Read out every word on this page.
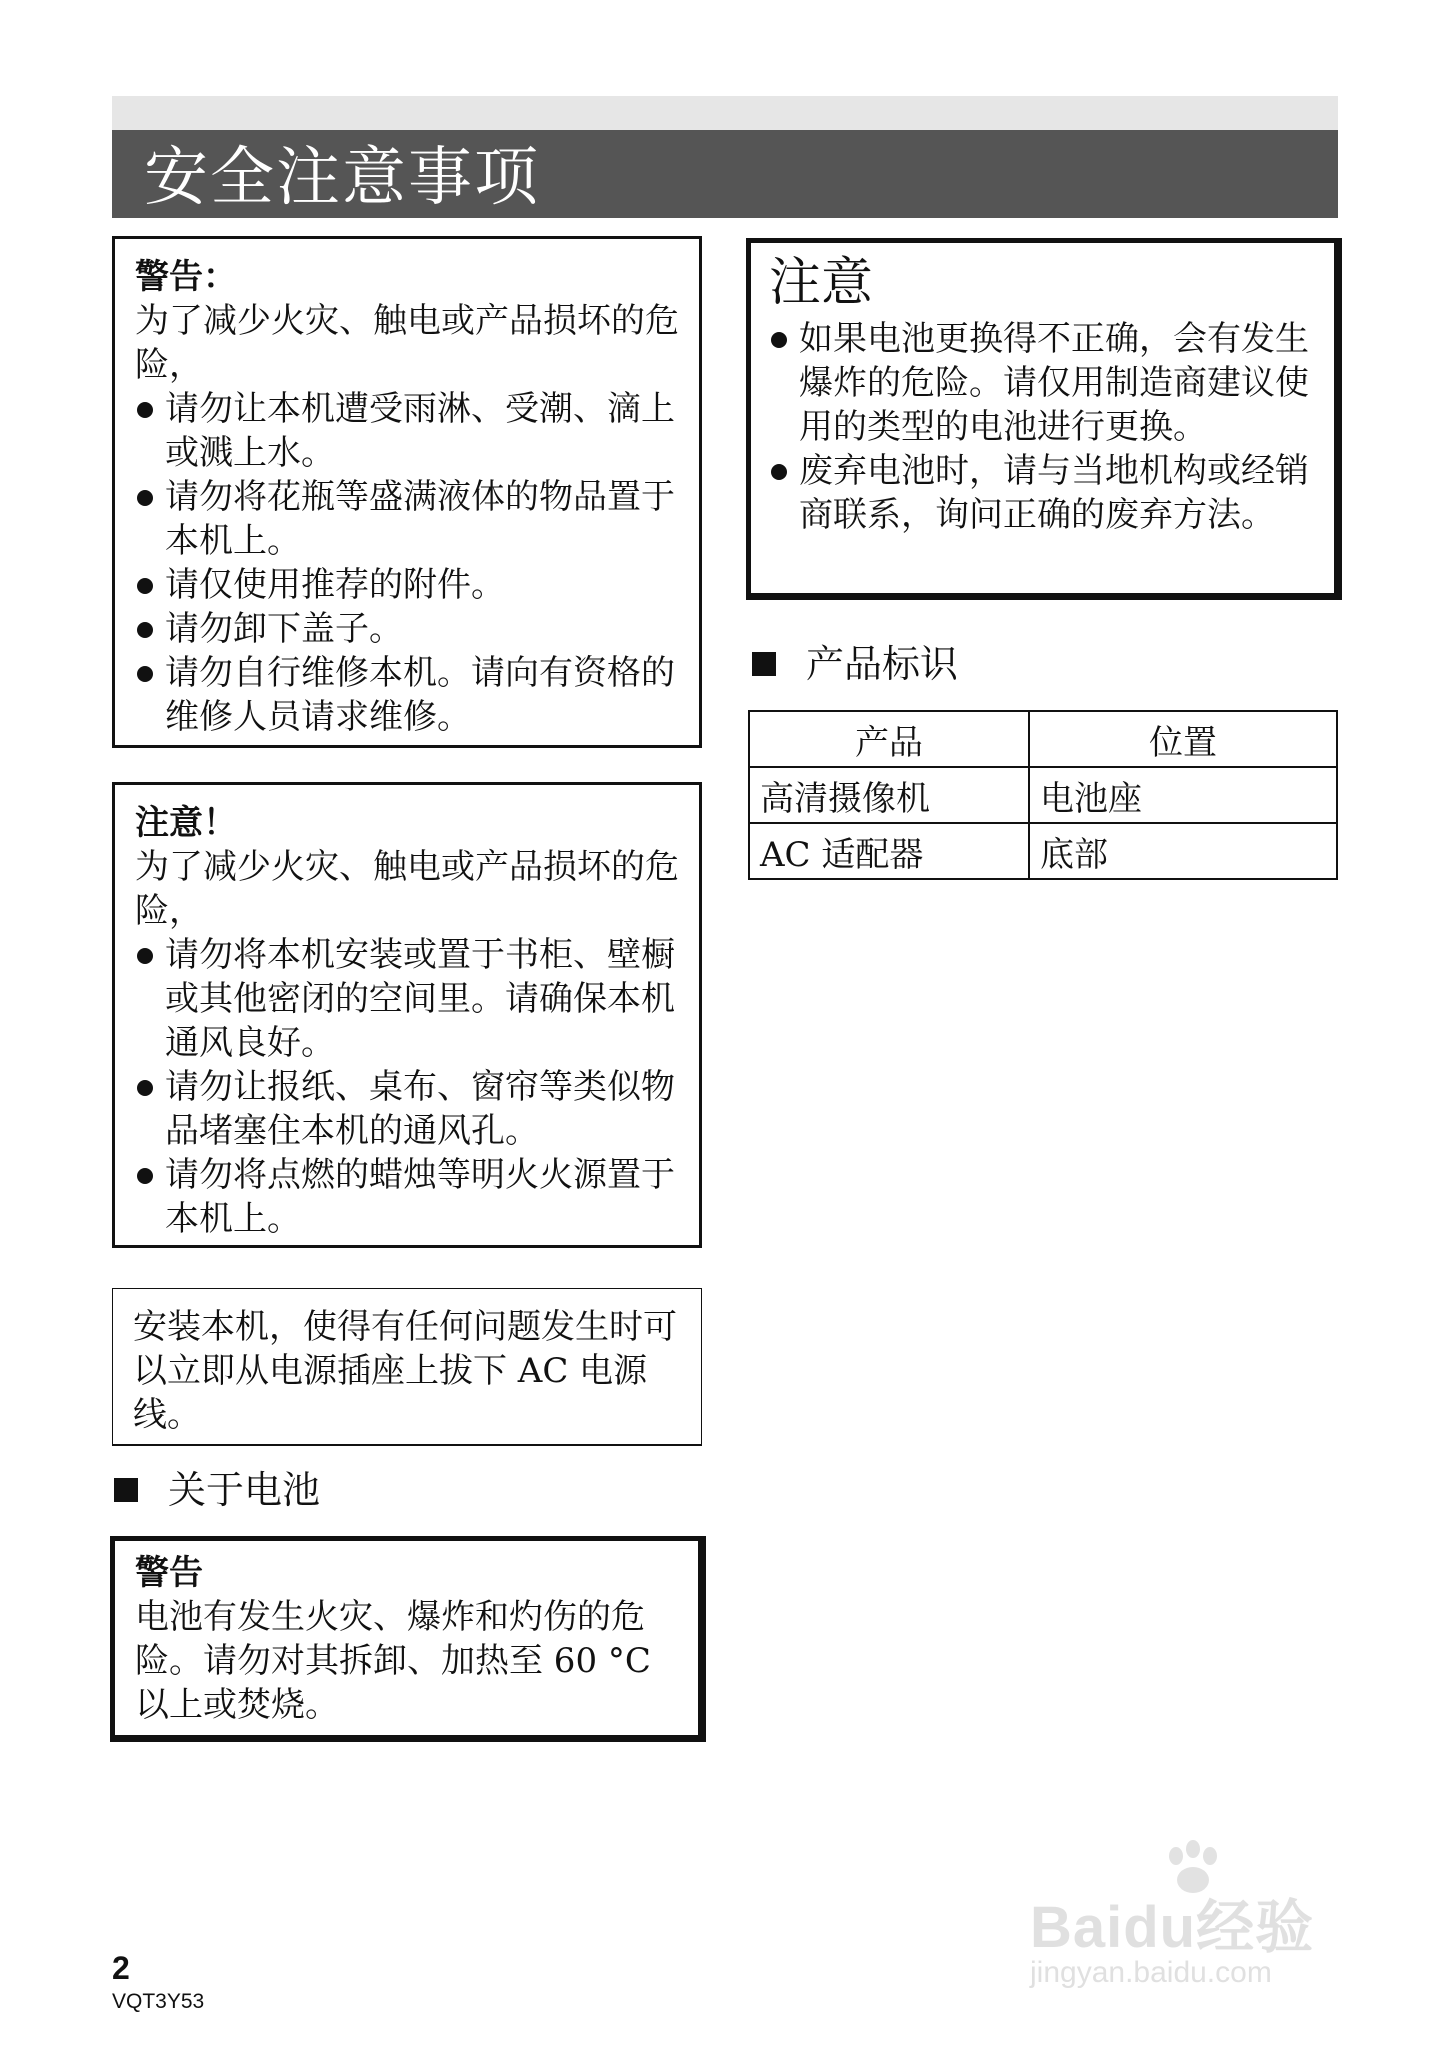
安全注意事项
警告：
为了减少火灾、触电或产品损坏的危险，
请勿让本机遭受雨淋、受潮、滴上或溅上水。
请勿将花瓶等盛满液体的物品置于本机上。
请仅使用推荐的附件。
请勿卸下盖子。
请勿自行维修本机。请向有资格的维修人员请求维修。
注意！
为了减少火灾、触电或产品损坏的危险，
请勿将本机安装或置于书柜、壁橱或其他密闭的空间里。请确保本机通风良好。
请勿让报纸、桌布、窗帘等类似物品堵塞住本机的通风孔。
请勿将点燃的蜡烛等明火火源置于本机上。
安装本机，使得有任何问题发生时可以立即从电源插座上拔下 AC 电源线。
关于电池
警告
电池有发生火灾、爆炸和灼伤的危险。请勿对其拆卸、加热至 60 °C 以上或焚烧。
注意
如果电池更换得不正确，会有发生爆炸的危险。请仅用制造商建议使用的类型的电池进行更换。
废弃电池时，请与当地机构或经销商联系，询问正确的废弃方法。
产品标识
产品	位置
高清摄像机	电池座
AC 适配器	底部
2
VQT3Y53
Baidu经验
jingyan.baidu.com
